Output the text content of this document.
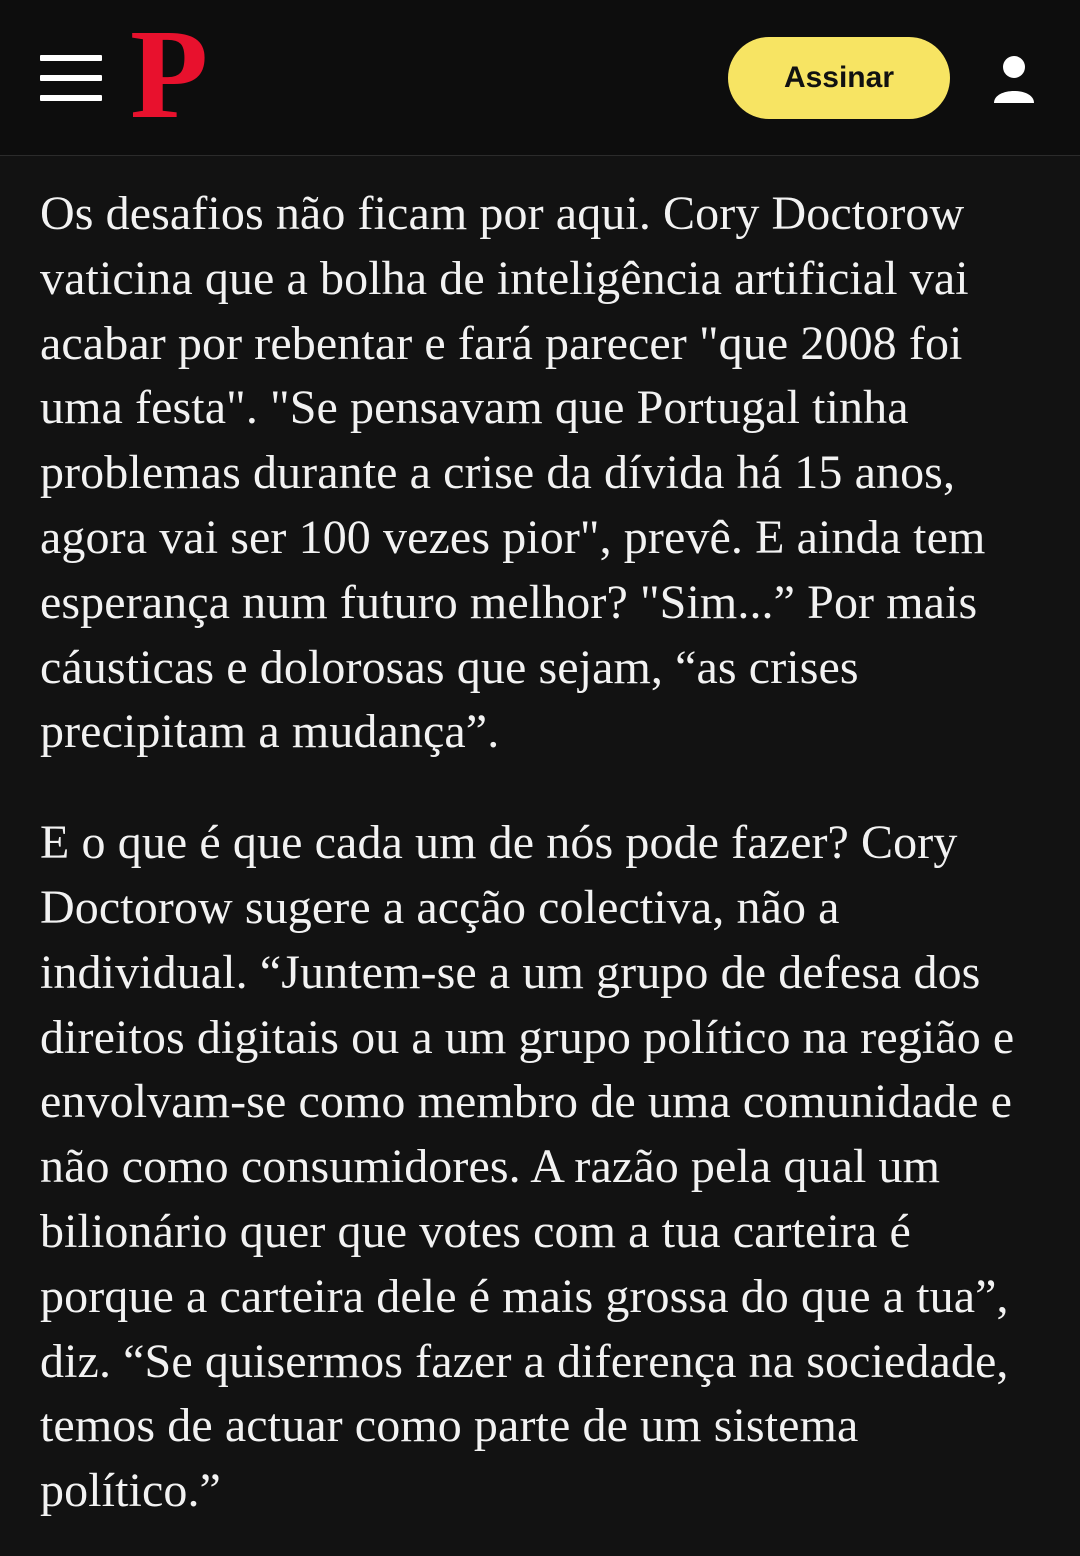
P	Assinar

Os desafios não ficam por aqui. Cory Doctorow vaticina que a bolha de inteligência artificial vai acabar por rebentar e fará parecer "que 2008 foi uma festa". "Se pensavam que Portugal tinha problemas durante a crise da dívida há 15 anos, agora vai ser 100 vezes pior", prevê. E ainda tem esperança num futuro melhor? "Sim...” Por mais cáusticas e dolorosas que sejam, “as crises precipitam a mudança”.

E o que é que cada um de nós pode fazer? Cory Doctorow sugere a acção colectiva, não a individual. “Juntem-se a um grupo de defesa dos direitos digitais ou a um grupo político na região e envolvam-se como membro de uma comunidade e não como consumidores. A razão pela qual um bilionário quer que votes com a tua carteira é porque a carteira dele é mais grossa do que a tua”, diz. “Se quisermos fazer a diferença na sociedade, temos de actuar como parte de um sistema político.”
